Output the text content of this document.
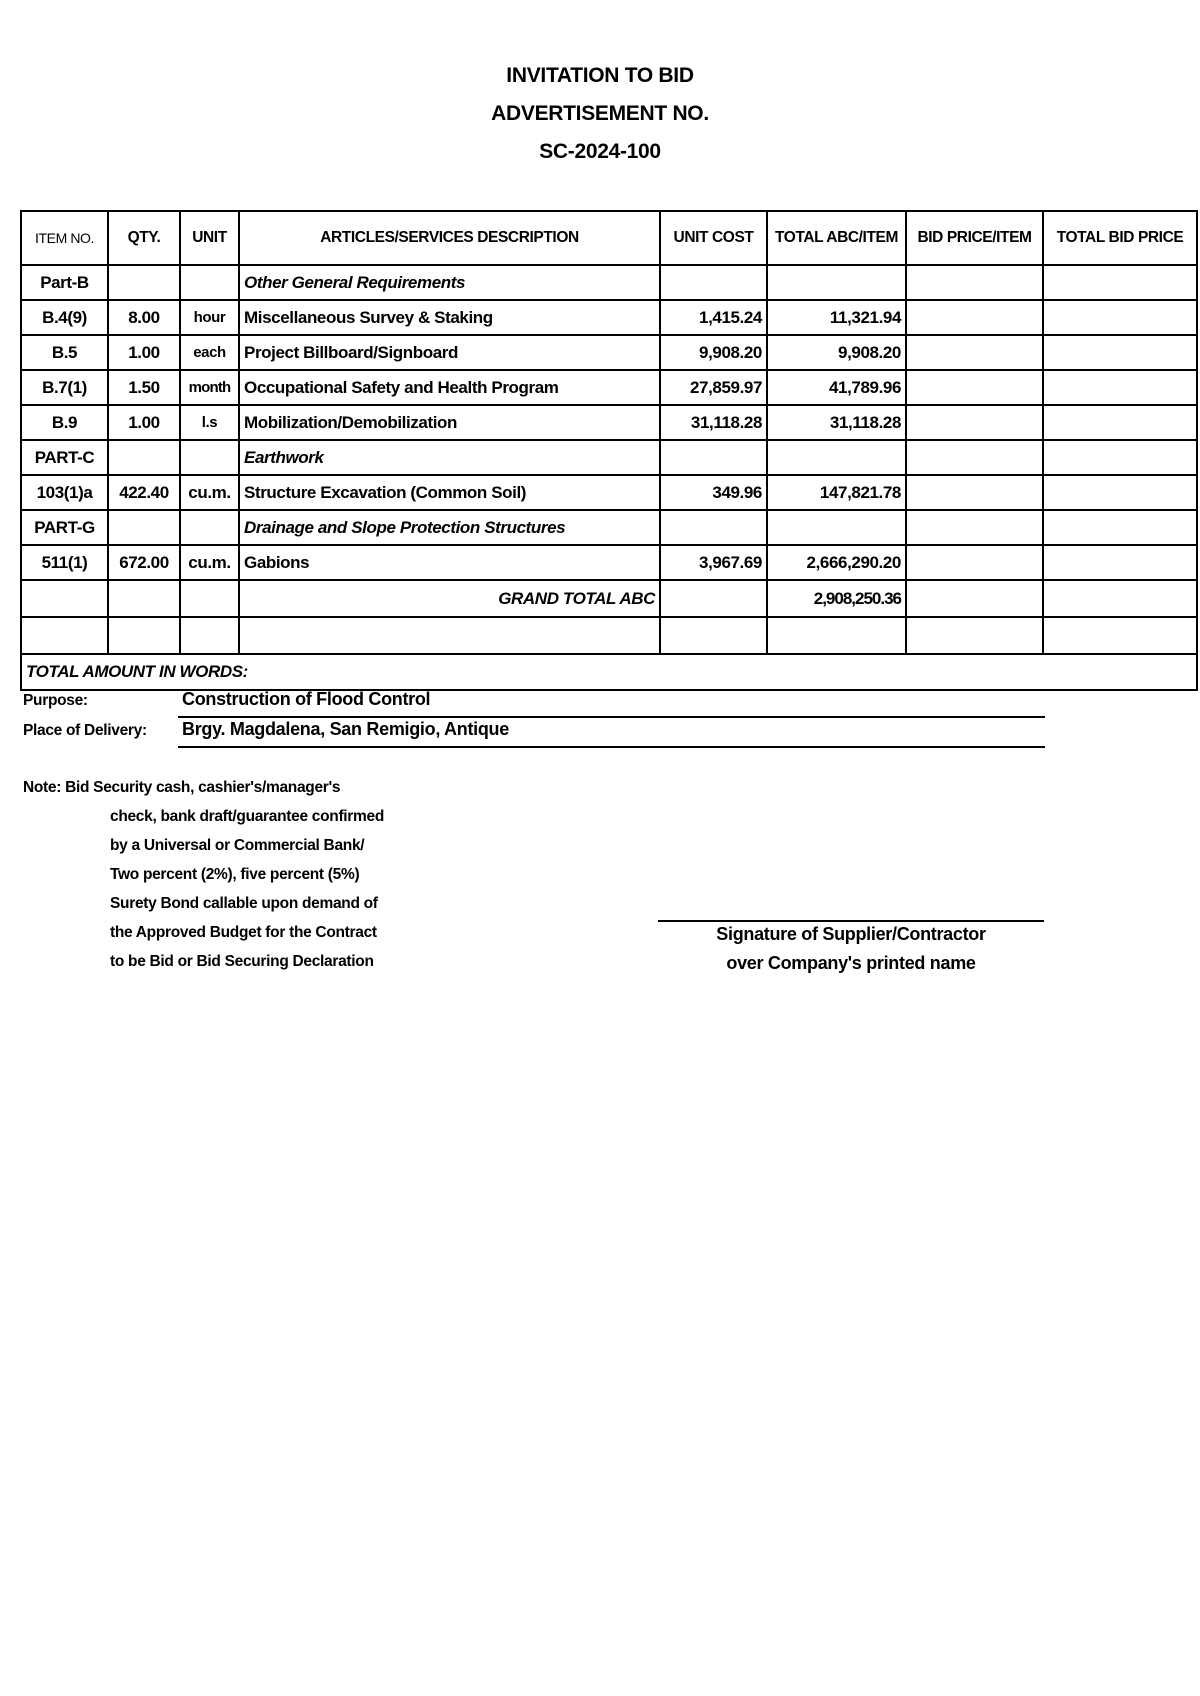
INVITATION TO BID
ADVERTISEMENT NO.
SC-2024-100
ITEM NO.	QTY.	UNIT	ARTICLES/SERVICES DESCRIPTION	UNIT COST	TOTAL ABC/ITEM	BID PRICE/ITEM	TOTAL BID PRICE
Part-B			Other General Requirements				
B.4(9)	8.00	hour	Miscellaneous Survey & Staking	1,415.24	11,321.94		
B.5	1.00	each	Project Billboard/Signboard	9,908.20	9,908.20		
B.7(1)	1.50	month	Occupational Safety and Health Program	27,859.97	41,789.96		
B.9	1.00	l.s	Mobilization/Demobilization	31,118.28	31,118.28		
PART-C			Earthwork				
103(1)a	422.40	cu.m.	Structure Excavation (Common Soil)	349.96	147,821.78		
PART-G			Drainage and Slope Protection Structures				
511(1)	672.00	cu.m.	Gabions	3,967.69	2,666,290.20		
			GRAND TOTAL ABC		2,908,250.36		

TOTAL AMOUNT IN WORDS:							
Purpose:	Construction of Flood Control
Place of Delivery: Brgy. Magdalena, San Remigio, Antique
Note: Bid Security cash, cashier's/manager's
check, bank draft/guarantee confirmed
by a Universal or Commercial Bank/
Two percent (2%), five percent (5%)
Surety Bond callable upon demand of
the Approved Budget for the Contract
to be Bid or Bid Securing Declaration
Signature of Supplier/Contractor
over Company's printed name
